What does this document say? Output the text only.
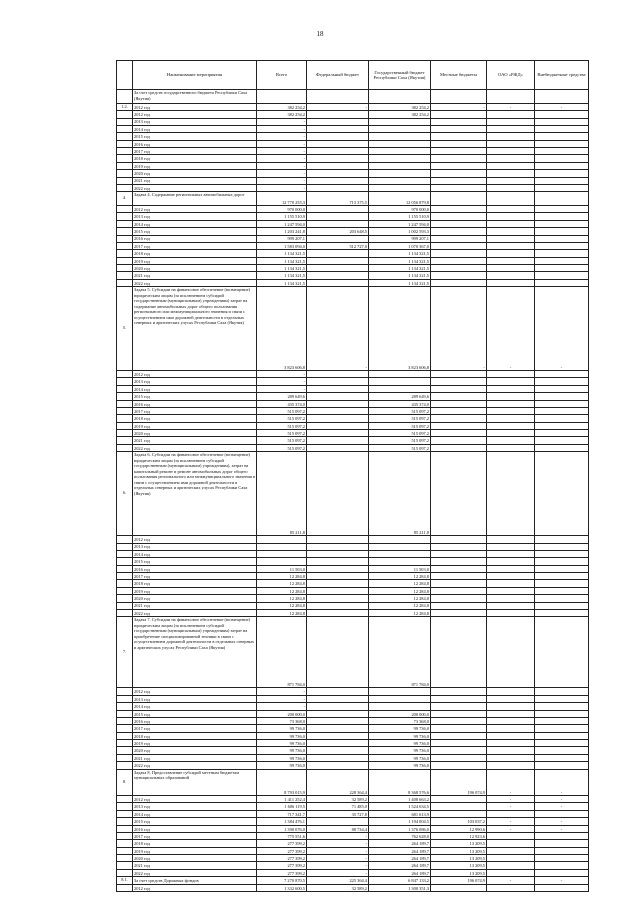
18
	Наименование мероприятия	Всего	Федеральный бюджет	Государственный бюджет Республики Саха (Якутия)	Местные бюджеты	ОАО «РЖД»	Внебюджетные средства
	За счет средств государственного бюджета Республики Саха (Якутия)						
1.2.	2012 год	382 254,2	-	382 254,2	-	-	-
	2012 год	382 254,2		382 254,2			
	2013 год	-					
	2014 год	-					
	2015 год	-					
	2016 год	-					
	2017 год	-					
	2018 год	-					
	2019 год	-					
	2020 год	-					
	2021 год	-					
	2022 год	-					
4.	Задача 4. Содержание региональных автомобильных дорог	12 770 255,3	713 375,5	12 056 879,8			
	2012 год	970 000,0		970 000,0			
	2013 год	1 155 510,9		1 155 510,9			
	2014 год	1 247 594,0		1 247 594,0			
	2015 год	1 203 241,8	203 648,5	1 002 593,3			
	2016 год	999 207,1		999 207,1			
	2017 год	1 583 094,0	512 727,0	1 070 367,0			
	2018 год	1 134 321,5		1 134 321,5			
	2019 год	1 134 321,5		1 134 321,5			
	2020 год	1 134 321,5		1 134 321,5			
	2021 год	1 134 321,5		1 134 321,5			
	2022 год	1 134 321,5		1 134 321,5			
5.	Задача 5. Субсидии на финансовое обеспечение (возмещение) юридическим лицам (за исключением субсидий государственным (муниципальным) учреждениям) затрат на содержание автомобильных дорог общего пользования регионального или межмуниципального значения и связи с осуществлением ими дорожной деятельности в отдельных северных и арктических улусах Республики Саха (Якутия)	3 823 606,8	-	3 823 606,8	-	-	-
	2012 год	-					
	2013 год	-					
	2014 год	-					
	2015 год	289 649,6		289 649,6			
	2016 год	435 374,0		435 374,0			
	2017 год	515 097,2		515 097,2			
	2018 год	515 097,2		515 097,2			
	2019 год	515 097,2		515 097,2			
	2020 год	515 097,2		515 097,2			
	2021 год	515 097,2		515 097,2			
	2022 год	515 097,2		515 097,2			
6.	Задача 6. Субсидии на финансовое обеспечение (возмещение) юридическим лицам (за исключением субсидий государственным (муниципальным) учреждениям), затрат на капитальный ремонт и ремонт автомобильных дорог общего пользования регионального или межмуниципального значения в связи с осуществлением ими дорожной деятельности в отдельных северных и арктических улусах Республики Саха (Якутия)	85 211,8		85 211,8			
	2012 год						
	2013 год						
	2014 год						
	2015 год						
	2016 год	11 503,0		11 503,0			
	2017 год	12 284,8		12 284,8			
	2018 год	12 284,8		12 284,8			
	2019 год	12 284,8		12 284,8			
	2020 год	12 284,8		12 284,8			
	2021 год	12 284,8		12 284,8			
	2022 год	12 284,8		12 284,8			
7.	Задача 7. Субсидии на финансовое обеспечение (возмещение) юридическим лицам (за исключением субсидий государственным (муниципальным) учреждениям) затрат на приобретение специализированной техники в связи с осуществлением дорожной деятельности в отдельных северных и арктических улусах Республики Саха (Якутия)	871 784,0		871 784,0			
	2012 год	-					
	2013 год	-					
	2014 год	-					
	2015 год	200 000,0		200 000,0			
	2016 год	73 368,0		73 368,0			
	2017 год	99 736,0		99 736,0			
	2018 год	99 736,0		99 736,0			
	2019 год	99 736,0		99 736,0			
	2020 год	99 736,0		99 736,0			
	2021 год	99 736,0		99 736,0			
	2022 год	99 736,0		99 736,0			
8.	Задача 8. Предоставление субсидий местным бюджетам муниципальных образований	8 793 015,9	228 364,4	8 368 576,6	196 074,9	-	-
	2012 год	1 411 252,4	32 589,2	1 408 663,2		-	-
	2013 год	1 606 119,5	71 485,0	1 524 634,5		-	-
	2014 год	717 341,7	35 727,8	681 613,9			
	2015 год	1 384 476,1		1 194 004,5	103 037,2	-	-
	2016 год	1 390 076,0	88 734,4	1 376 086,0	12 990,6	-	-
	2017 год	775 551,6	-	762 628,0	12 923,6		
	2018 год	277 399,2	-	264 189,7	13 209,5		
	2019 год	277 399,2	-	264 189,7	13 209,5		
	2020 год	277 399,2	-	264 189,7	13 209,5		
	2021 год	277 399,2	-	264 189,7	13 209,5		
	2022 год	277 399,2	-	264 189,7	13 209,5		
8.1.	За счет средств Дорожных фондов	7 270 870,5	225 364,4	6 847 133,2	196 074,9	-	-
	2012 год	1 332 600,5	32 589,2	1 300 351,3			
